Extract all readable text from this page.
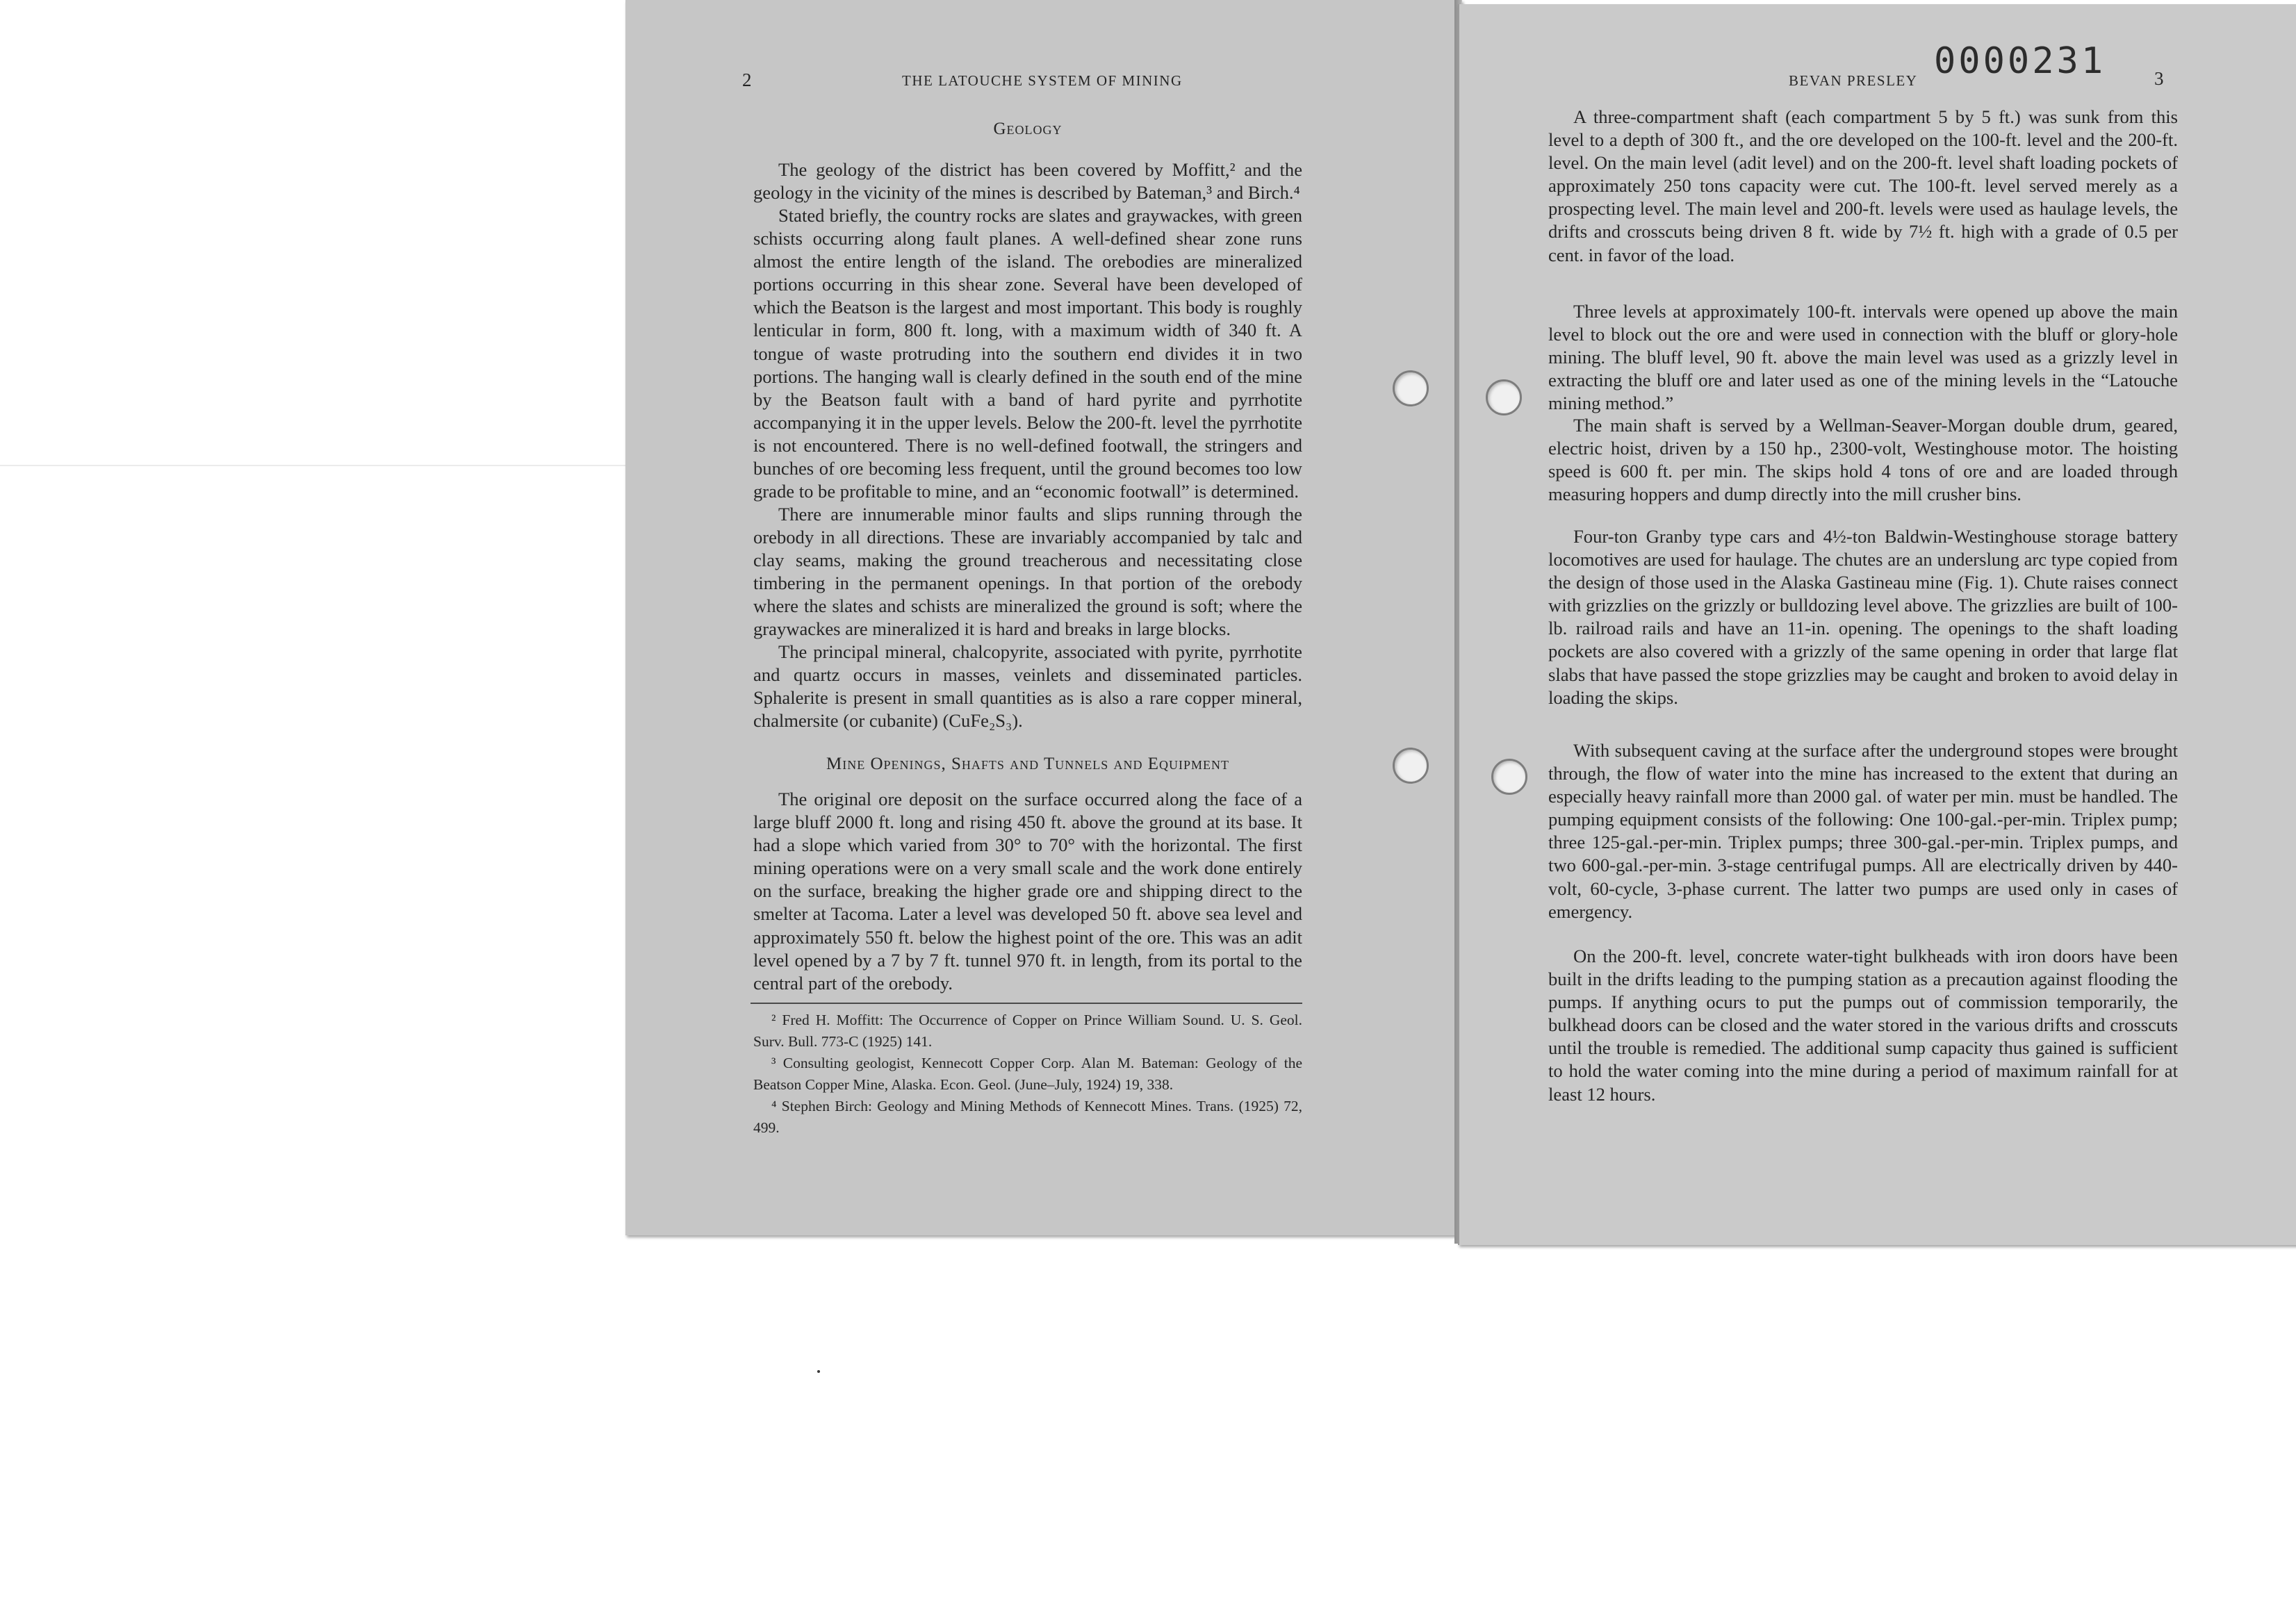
2	THE LATOUCHE SYSTEM OF MINING
Geology

The geology of the district has been covered by Moffitt,² and the geology in the vicinity of the mines is described by Bateman,³ and Birch.⁴

Stated briefly, the country rocks are slates and graywackes, with green schists occurring along fault planes. A well-defined shear zone runs almost the entire length of the island. The orebodies are mineralized portions occurring in this shear zone. Several have been developed of which the Beatson is the largest and most important. This body is roughly lenticular in form, 800 ft. long, with a maximum width of 340 ft. A tongue of waste protruding into the southern end divides it in two portions. The hanging wall is clearly defined in the south end of the mine by the Beatson fault with a band of hard pyrite and pyrrhotite accompanying it in the upper levels. Below the 200-ft. level the pyrrhotite is not encountered. There is no well-defined footwall, the stringers and bunches of ore becoming less frequent, until the ground becomes too low grade to be profitable to mine, and an “economic footwall” is determined.

There are innumerable minor faults and slips running through the orebody in all directions. These are invariably accompanied by talc and clay seams, making the ground treacherous and necessitating close timbering in the permanent openings. In that portion of the orebody where the slates and schists are mineralized the ground is soft; where the graywackes are mineralized it is hard and breaks in large blocks.

The principal mineral, chalcopyrite, associated with pyrite, pyrrhotite and quartz occurs in masses, veinlets and disseminated particles. Sphalerite is present in small quantities as is also a rare copper mineral, chalmersite (or cubanite) (CuFe₂S₃).

The original ore deposit on the surface occurred along the face of a large bluff 2000 ft. long and rising 450 ft. above the ground at its base. It had a slope which varied from 30° to 70° with the horizontal. The first mining operations were on a very small scale and the work done entirely on the surface, breaking the higher grade ore and shipping direct to the smelter at Tacoma. Later a level was developed 50 ft. above sea level and approximately 550 ft. below the highest point of the ore. This was an adit level opened by a 7 by 7 ft. tunnel 970 ft. in length, from its portal to the central part of the orebody.

Mine Openings, Shafts and Tunnels and Equipment

² Fred H. Moffitt: The Occurrence of Copper on Prince William Sound. U. S. Geol. Surv. Bull. 773-C (1925) 141.

³ Consulting geologist, Kennecott Copper Corp. Alan M. Bateman: Geology of the Beatson Copper Mine, Alaska. Econ. Geol. (June–July, 1924) 19, 338.

⁴ Stephen Birch: Geology and Mining Methods of Kennecott Mines. Trans. (1925) 72, 499.

0000231
BEVAN PRESLEY	3

A three-compartment shaft (each compartment 5 by 5 ft.) was sunk from this level to a depth of 300 ft., and the ore developed on the 100-ft. level and the 200-ft. level. On the main level (adit level) and on the 200-ft. level shaft loading pockets of approximately 250 tons capacity were cut. The 100-ft. level served merely as a prospecting level. The main level and 200-ft. levels were used as haulage levels, the drifts and crosscuts being driven 8 ft. wide by 7½ ft. high with a grade of 0.5 per cent. in favor of the load.

Three levels at approximately 100-ft. intervals were opened up above the main level to block out the ore and were used in connection with the bluff or glory-hole mining. The bluff level, 90 ft. above the main level was used as a grizzly level in extracting the bluff ore and later used as one of the mining levels in the “Latouche mining method.”

The main shaft is served by a Wellman-Seaver-Morgan double drum, geared, electric hoist, driven by a 150 hp., 2300-volt, Westinghouse motor. The hoisting speed is 600 ft. per min. The skips hold 4 tons of ore and are loaded through measuring hoppers and dump directly into the mill crusher bins.

Four-ton Granby type cars and 4½-ton Baldwin-Westinghouse storage battery locomotives are used for haulage. The chutes are an underslung arc type copied from the design of those used in the Alaska Gastineau mine (Fig. 1). Chute raises connect with grizzlies on the grizzly or bulldozing level above. The grizzlies are built of 100-lb. railroad rails and have an 11-in. opening. The openings to the shaft loading pockets are also covered with a grizzly of the same opening in order that large flat slabs that have passed the stope grizzlies may be caught and broken to avoid delay in loading the skips.

With subsequent caving at the surface after the underground stopes were brought through, the flow of water into the mine has increased to the extent that during an especially heavy rainfall more than 2000 gal. of water per min. must be handled. The pumping equipment consists of the following: One 100-gal.-per-min. Triplex pump; three 125-gal.-per-min. Triplex pumps; three 300-gal.-per-min. Triplex pumps, and two 600-gal.-per-min. 3-stage centrifugal pumps. All are electrically driven by 440-volt, 60-cycle, 3-phase current. The latter two pumps are used only in cases of emergency.

On the 200-ft. level, concrete water-tight bulkheads with iron doors have been built in the drifts leading to the pumping station as a precaution against flooding the pumps. If anything ocurs to put the pumps out of commission temporarily, the bulkhead doors can be closed and the water stored in the various drifts and crosscuts until the trouble is remedied. The additional sump capacity thus gained is sufficient to hold the water coming into the mine during a period of maximum rainfall for at least 12 hours.
